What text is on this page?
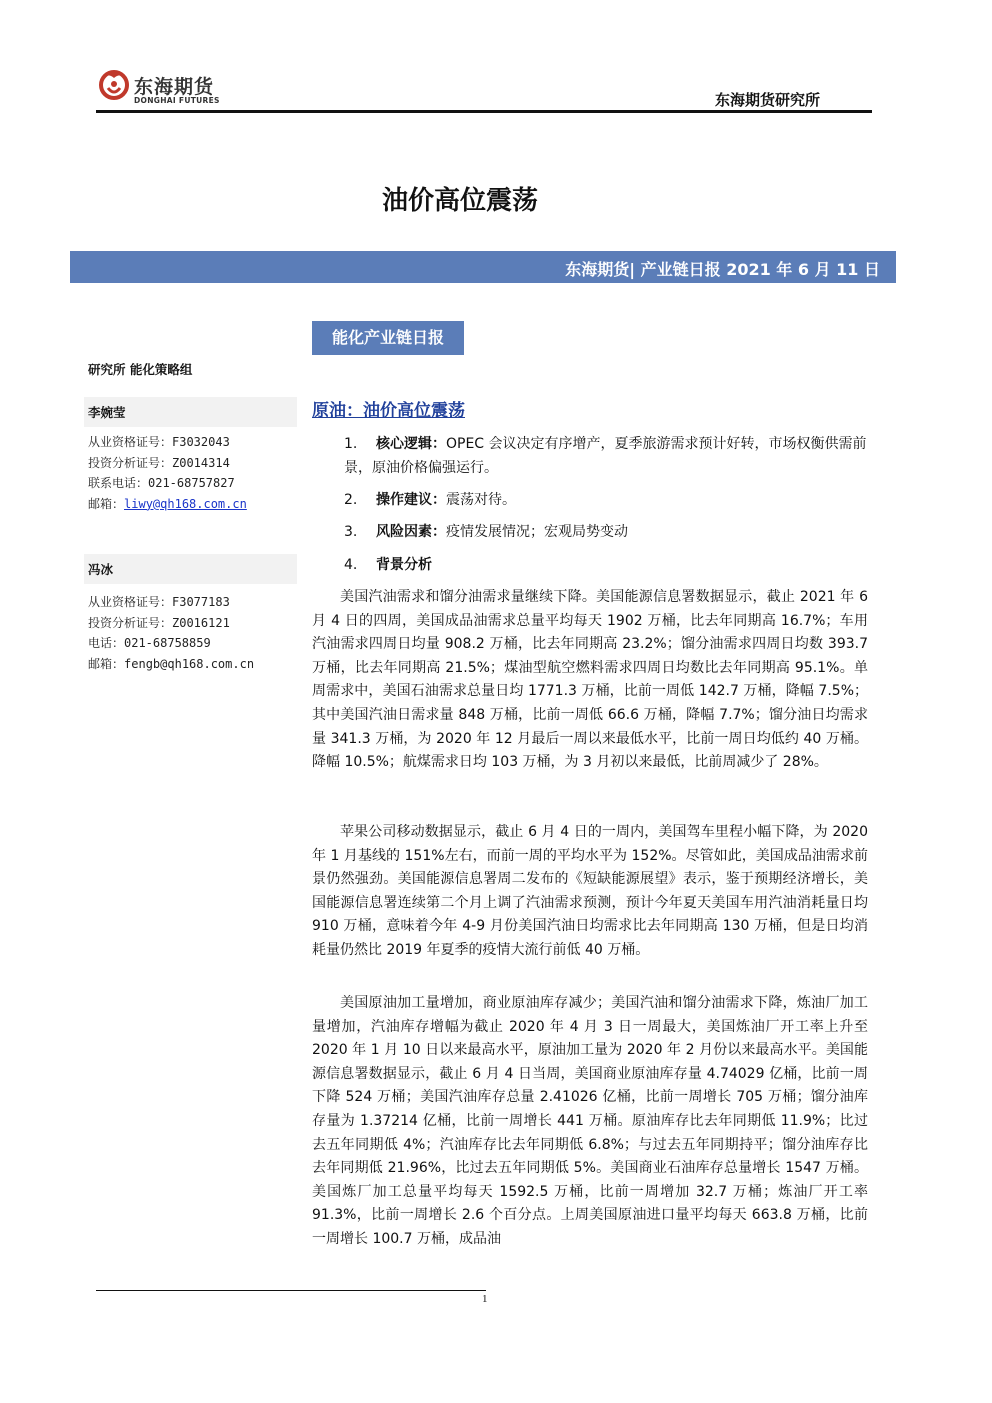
东海期货
DONGHAI FUTURES	东海期货研究所
油价高位震荡
东海期货| 产业链日报 2021 年 6 月 11 日
能化产业链日报
研究所 能化策略组
李婉莹
从业资格证号：F3032043
投资分析证号：Z0014314
联系电话：021-68757827
邮箱：liwy@qh168.com.cn
冯冰
从业资格证号：F3077183
投资分析证号：Z0016121
电话：021-68758859
邮箱：fengb@qh168.com.cn
原油：油价高位震荡
1. 核心逻辑：OPEC 会议决定有序增产，夏季旅游需求预计好转，市场权衡供需前景，原油价格偏强运行。
2. 操作建议：震荡对待。
3. 风险因素：疫情发展情况；宏观局势变动
4. 背景分析
美国汽油需求和馏分油需求量继续下降。美国能源信息署数据显示，截止 2021 年 6 月 4 日的四周，美国成品油需求总量平均每天 1902 万桶，比去年同期高 16.7%；车用汽油需求四周日均量 908.2 万桶，比去年同期高 23.2%；馏分油需求四周日均数 393.7 万桶，比去年同期高 21.5%；煤油型航空燃料需求四周日均数比去年同期高 95.1%。单周需求中，美国石油需求总量日均 1771.3 万桶，比前一周低 142.7 万桶，降幅 7.5%；其中美国汽油日需求量 848 万桶，比前一周低 66.6 万桶，降幅 7.7%；馏分油日均需求量 341.3 万桶，为 2020 年 12 月最后一周以来最低水平，比前一周日均低约 40 万桶。降幅 10.5%；航煤需求日均 103 万桶，为 3 月初以来最低，比前周减少了 28%。
苹果公司移动数据显示，截止 6 月 4 日的一周内，美国驾车里程小幅下降，为 2020 年 1 月基线的 151%左右，而前一周的平均水平为 152%。尽管如此，美国成品油需求前景仍然强劲。美国能源信息署周二发布的《短缺能源展望》表示，鉴于预期经济增长，美国能源信息署连续第二个月上调了汽油需求预测，预计今年夏天美国车用汽油消耗量日均 910 万桶，意味着今年 4-9 月份美国汽油日均需求比去年同期高 130 万桶，但是日均消耗量仍然比 2019 年夏季的疫情大流行前低 40 万桶。
美国原油加工量增加，商业原油库存减少；美国汽油和馏分油需求下降，炼油厂加工量增加，汽油库存增幅为截止 2020 年 4 月 3 日一周最大，美国炼油厂开工率上升至 2020 年 1 月 10 日以来最高水平，原油加工量为 2020 年 2 月份以来最高水平。美国能源信息署数据显示，截止 6 月 4 日当周，美国商业原油库存量 4.74029 亿桶，比前一周下降 524 万桶；美国汽油库存总量 2.41026 亿桶，比前一周增长 705 万桶；馏分油库存量为 1.37214 亿桶，比前一周增长 441 万桶。原油库存比去年同期低 11.9%；比过去五年同期低 4%；汽油库存比去年同期低 6.8%；与过去五年同期持平；馏分油库存比去年同期低 21.96%，比过去五年同期低 5%。美国商业石油库存总量增长 1547 万桶。美国炼厂加工总量平均每天 1592.5 万桶，比前一周增加 32.7 万桶；炼油厂开工率 91.3%，比前一周增长 2.6 个百分点。上周美国原油进口量平均每天 663.8 万桶，比前一周增长 100.7 万桶，成品油
1
